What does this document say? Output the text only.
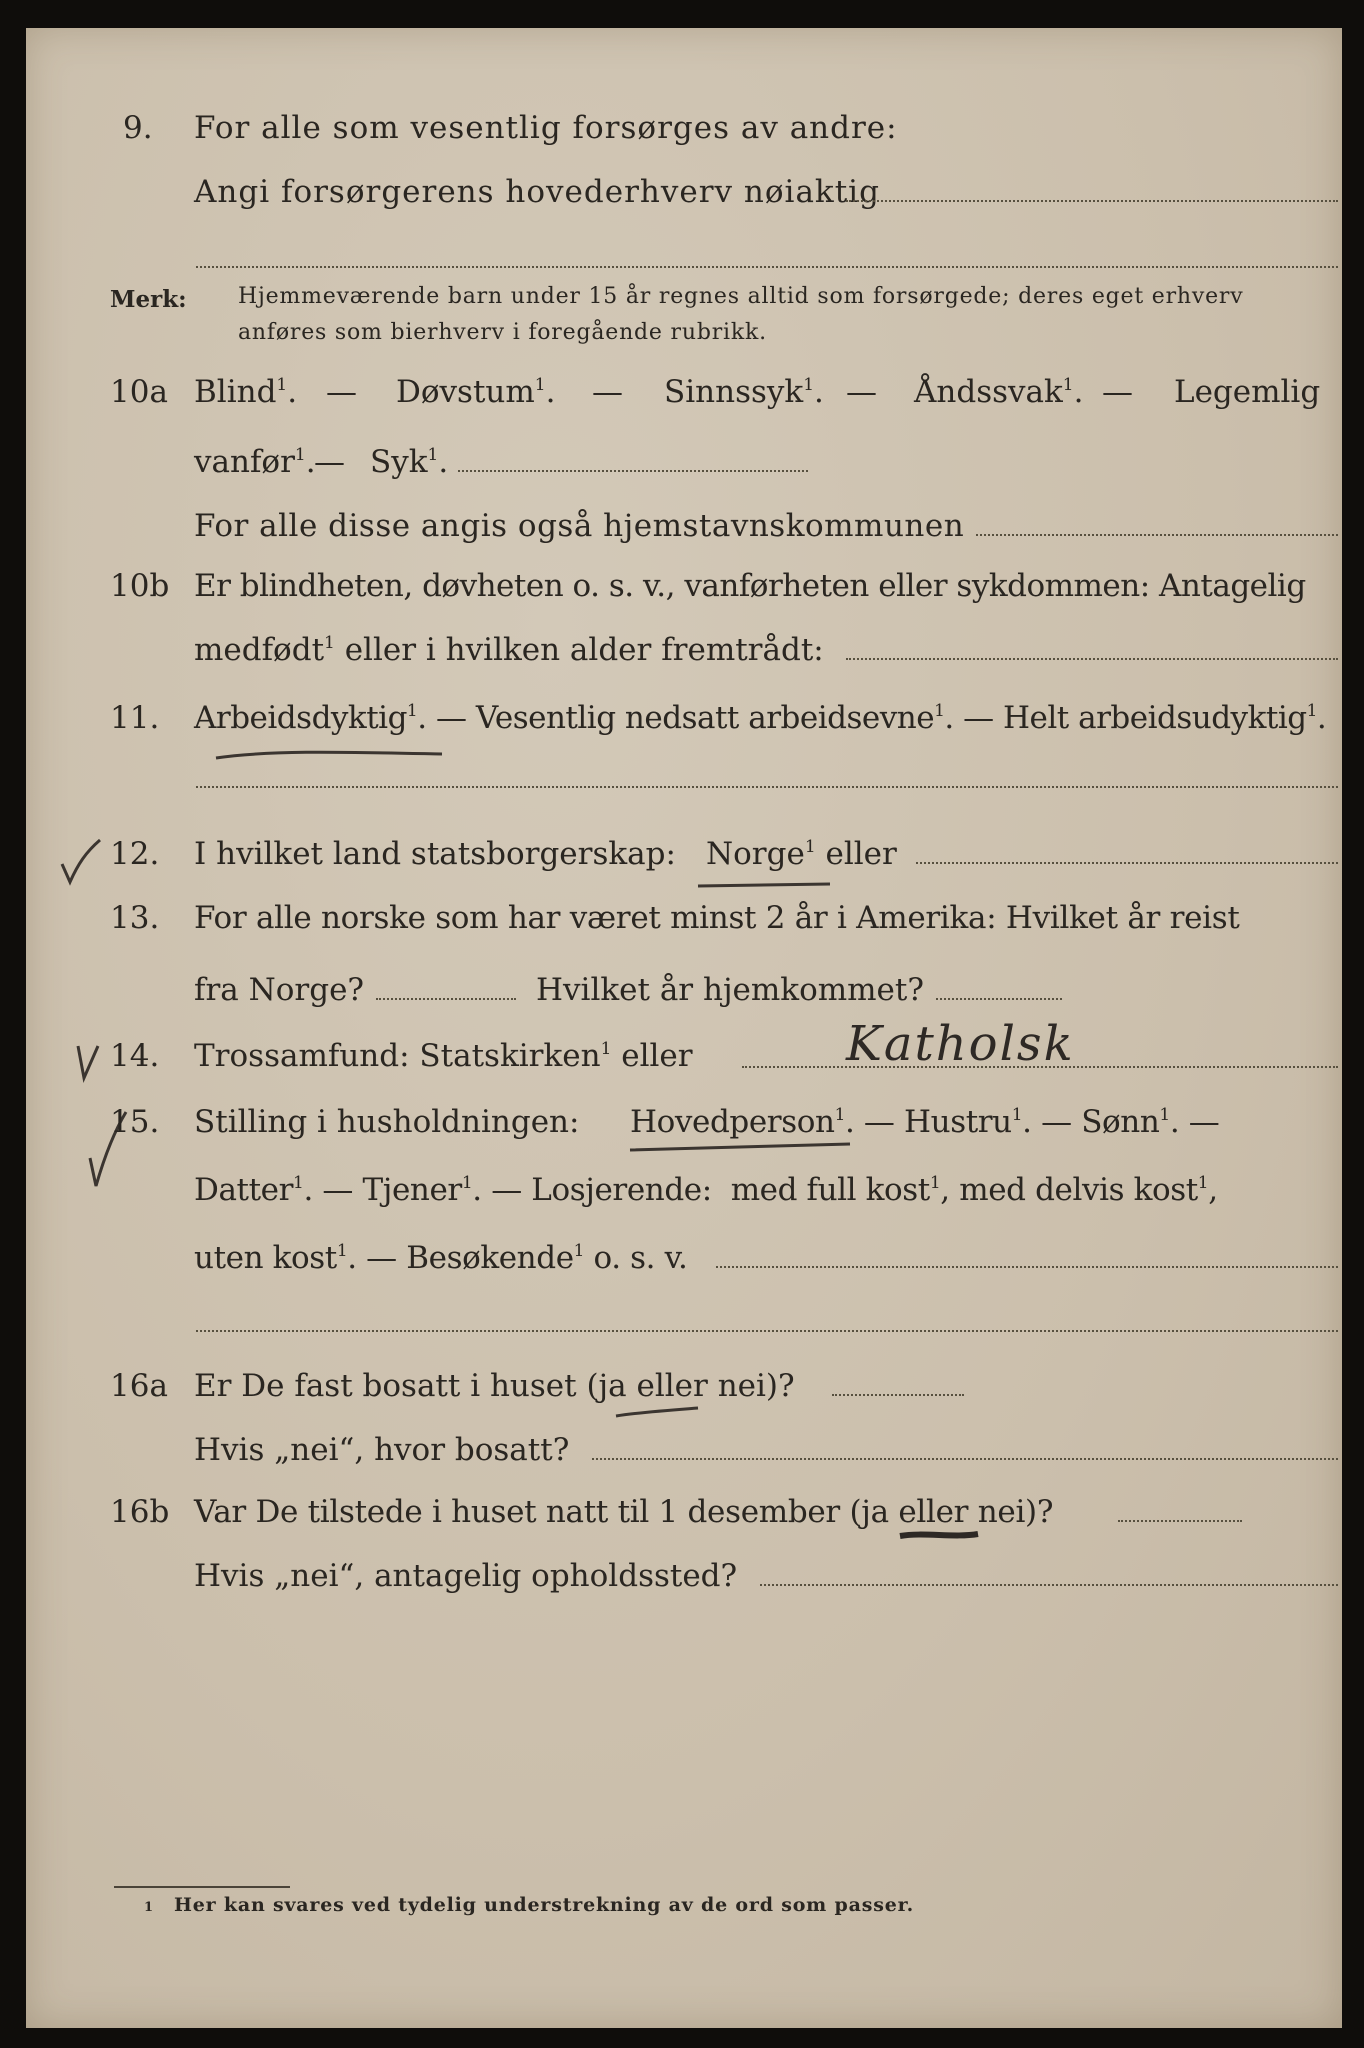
9. For alle som vesentlig forsørges av andre:
Angi forsørgerens hovederhverv nøiaktig
Merk: Hjemmeværende barn under 15 år regnes alltid som forsørgede; deres eget erhverv
anføres som bierhverv i foregående rubrikk.
10a Blind$^1$. — Døvstum$^1$. — Sinnssyk$^1$. — Åndssvak$^1$. — Legemlig
vanfør$^1$.
— Syk$^1$.
For alle disse angis også hjemstavnskommunen
10b Er blindheten, døvheten o. s. v., vanførheten eller sykdommen: Antagelig
medfødt$^1$ eller i hvilken alder fremtrådt:
11. Arbeidsdyktig$^1$. — Vesentlig nedsatt arbeidsevne$^1$. — Helt arbeidsudyktig$^1$.
12. I hvilket land statsborgerskap: Norge$^1$ eller
13. For alle norske som har været minst 2 år i Amerika: Hvilket år reist
fra Norge?	Hvilket år hjemkommet?
14. Trossamfund: Statskirken$^1$ eller	Katholsk
15. Stilling i husholdningen: Hovedperson$^1$. — Hustru$^1$. — Sønn$^1$. —
Datter$^1$. — Tjener$^1$. — Losjerende: med full kost$^1$, med delvis kost$^1$,
uten kost$^1$. — Besøkende$^1$ o. s. v.
16a Er De fast bosatt i huset (ja eller nei)?
Hvis „nei“, hvor bosatt?
16b Var De tilstede i huset natt til 1 desember (ja eller nei)?
Hvis „nei“, antagelig opholdssted?
1 Her kan svares ved tydelig understrekning av de ord som passer.
